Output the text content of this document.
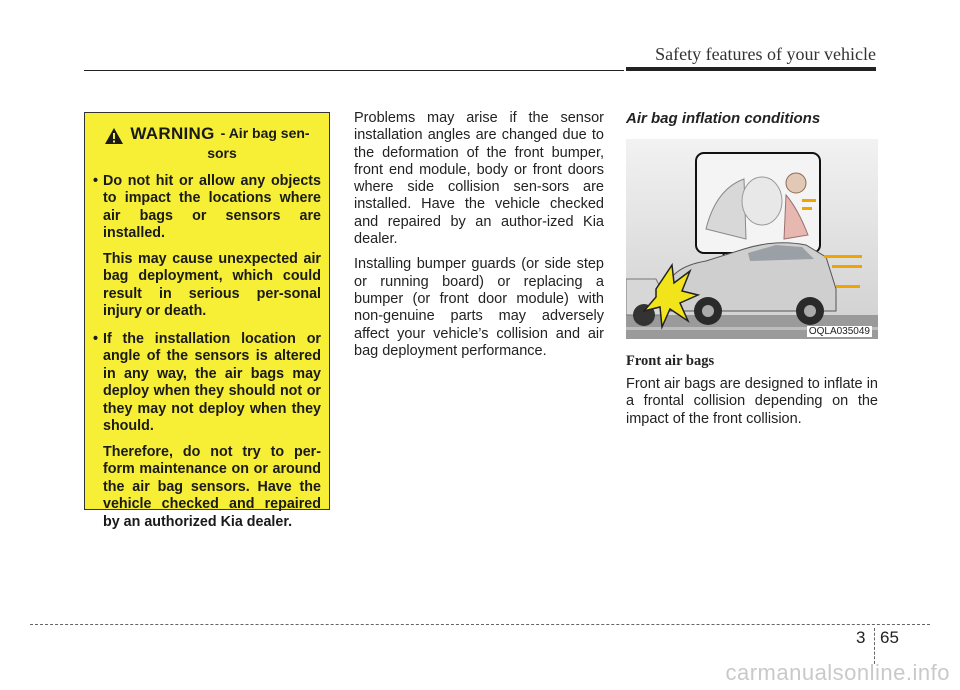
Safety features of your vehicle
WARNING - Air bag sen-
sors
• Do not hit or allow any objects to impact the locations where air bags or sensors are installed.
This may cause unexpected air bag deployment, which could result in serious per-sonal injury or death.
• If the installation location or angle of the sensors is altered in any way, the air bags may deploy when they should not or they may not deploy when they should.
Therefore, do not try to per-form maintenance on or around the air bag sensors. Have the vehicle checked and repaired by an authorized Kia dealer.

Problems may arise if the sensor installation angles are changed due to the deformation of the front bumper, front end module, body or front doors where side collision sen-sors are installed. Have the vehicle checked and repaired by an author-ized Kia dealer.

Installing bumper guards (or side step or running board) or replacing a bumper (or front door module) with non-genuine parts may adversely affect your vehicle’s collision and air bag deployment performance.

Air bag inflation conditions
OQLA035049
Front air bags

Front air bags are designed to inflate in a frontal collision depending on the impact of the front collision.

3 65
carmanualsonline.info
